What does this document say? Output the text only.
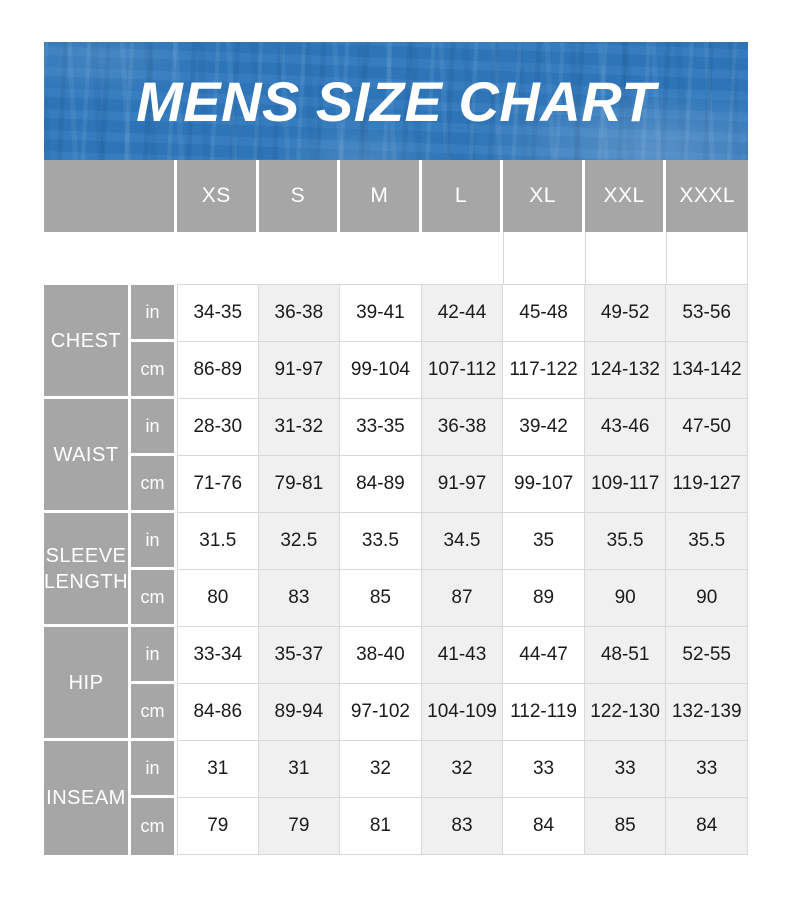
MENS SIZE CHART
XS	S	M	L	XL	XXL	XXXL
CHEST
in	34-35	36-38	39-41	42-44	45-48	49-52	53-56
cm	86-89	91-97	99-104 107-112 117-122 124-132 134-142
WAIST
in	28-30	31-32	33-35	36-38	39-42	43-46	47-50
cm	71-76	79-81	84-89	91-97	99-107 109-117 119-127
SLEEVE LENGTH
in	31.5	32.5	33.5	34.5	35	35.5	35.5
cm	80	83	85	87	89	90	90
HIP
in	33-34	35-37	38-40	41-43	44-47	48-51	52-55
cm	84-86	89-94	97-102 104-109 112-119 122-130 132-139
INSEAM
in	31	31	32	32	33	33	33
cm	79	79	81	83	84	85	84
